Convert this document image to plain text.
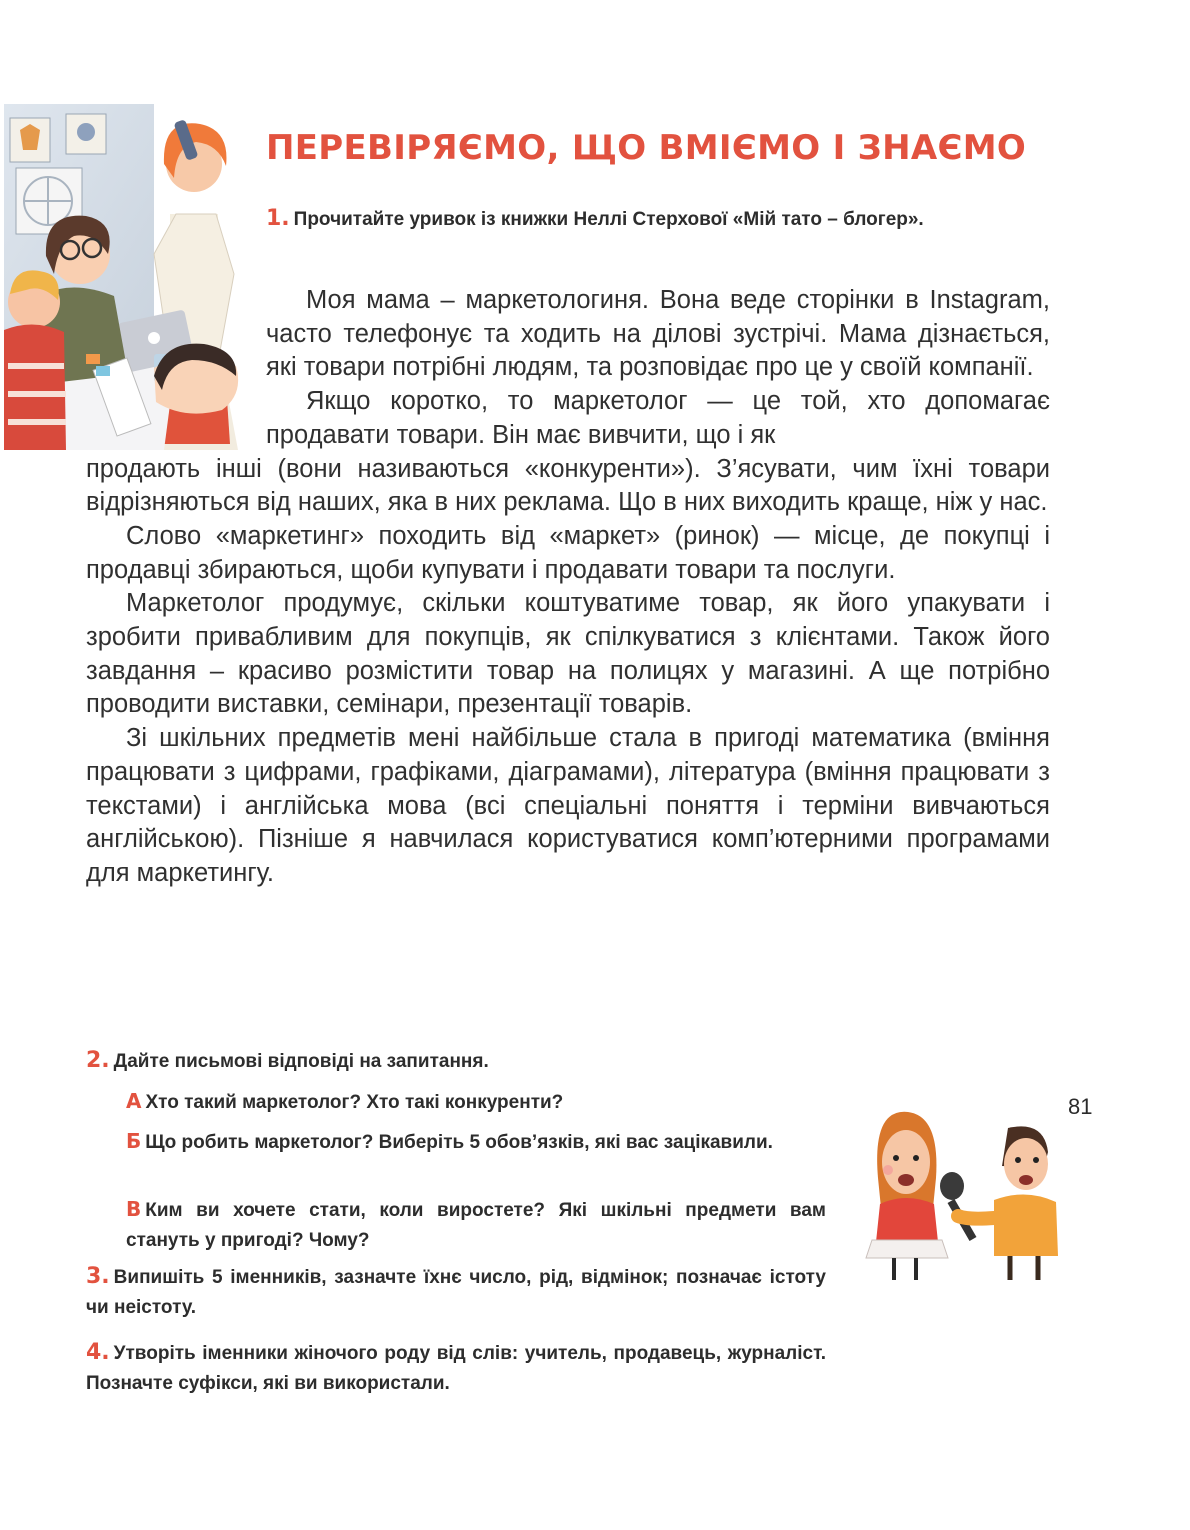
ПЕРЕВІРЯЄМО, ЩО ВМІЄМО І ЗНАЄМО
1. Прочитайте уривок із книжки Неллі Стерхової «Мій тато – блогер».

Моя мама – маркетологиня. Вона веде сторінки в Instagram, часто телефонує та ходить на ділові зустрічі. Мама дізнається, які товари потрібні людям, та розповідає про це у своїй компанії.

Якщо коротко, то маркетолог — це той, хто допомагає продавати товари. Він має вивчити, що і як

продають інші (вони називаються «конкуренти»). З’ясувати, чим їхні товари відрізняються від наших, яка в них реклама. Що в них виходить краще, ніж у нас.

Слово «маркетинг» походить від «маркет» (ринок) — місце, де покупці і продавці збираються, щоби купувати і продавати товари та послуги.

Маркетолог продумує, скільки коштуватиме товар, як його упакувати і зробити привабливим для покупців, як спілкуватися з клієнтами. Також його завдання – красиво розмістити товар на полицях у магазині. А ще потрібно проводити виставки, семінари, презентації товарів.

Зі шкільних предметів мені найбільше стала в пригоді математика (вміння працювати з цифрами, графіками, діаграмами), література (вміння працювати з текстами) і англійська мова (всі спеціальні поняття і терміни вивчаються англійською). Пізніше я навчилася користуватися комп’ютерними програмами для маркетингу.

2. Дайте письмові відповіді на запитання.
А Хто такий маркетолог? Хто такі конкуренти?
Б Що робить маркетолог? Виберіть 5 обов’язків, які вас зацікавили.
В Ким ви хочете стати, коли виростете? Які шкільні предмети вам стануть у пригоді? Чому?
3. Випишіть 5 іменників, зазначте їхнє число, рід, відмінок; позначає істоту чи неістоту.
4. Утворіть іменники жіночого роду від слів: учитель, продавець, журналіст. Позначте суфікси, які ви використали.
81
